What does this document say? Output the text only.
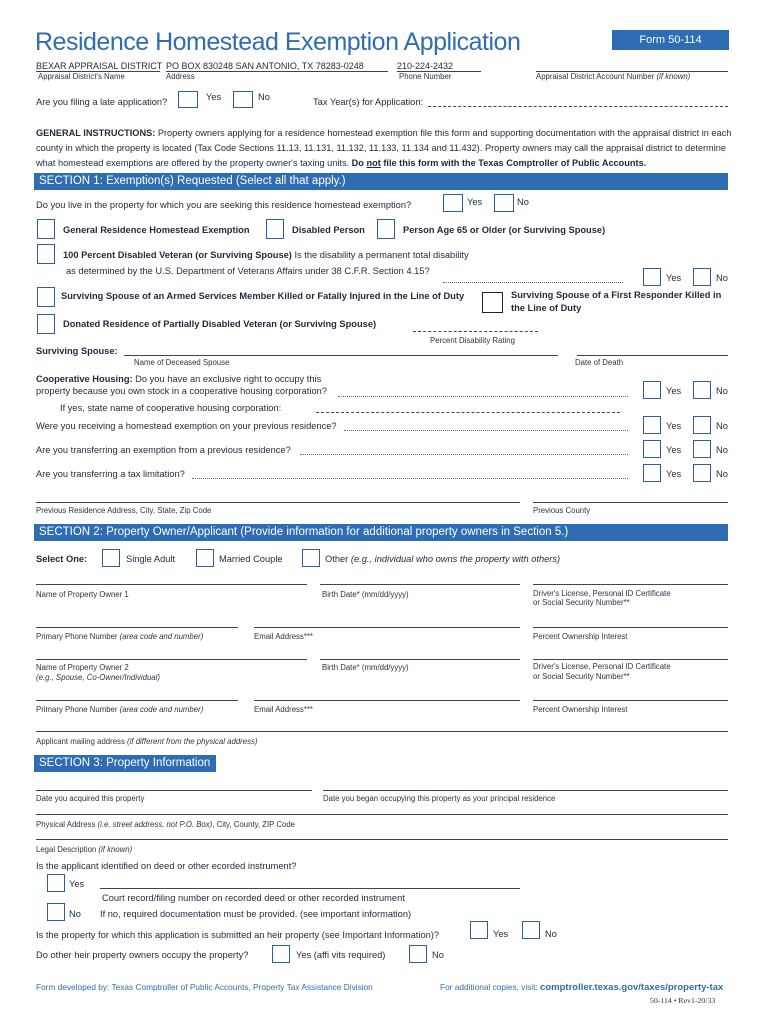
Residence Homestead Exemption Application	Form 50-114
BEXAR APPRAISAL DISTRICT
Appraisal District's Name
PO BOX 830248 SAN ANTONIO, TX 78283-0248
Address
210-224-2432
Phone Number	Appraisal District Account Number (if known)
Are you filing a late application?	Yes	No	Tax Year(s) for Application:
GENERAL INSTRUCTIONS: Property owners applying for a residence homestead exemption file this form and supporting documentation with the appraisal district in each county in which the property is located (Tax Code Sections 11.13, 11.131, 11.132, 11.133, 11.134 and 11.432). Property owners may call the appraisal district to determine what homestead exemptions are offered by the property owner's taxing units. Do not file this form with the Texas Comptroller of Public Accounts.
SECTION 1: Exemption(s) Requested (Select all that apply.)
Do you live in the property for which you are seeking this residence homestead exemption?	Yes	No
General Residence Homestead Exemption	Disabled Person	Person Age 65 or Older (or Surviving Spouse)
100 Percent Disabled Veteran (or Surviving Spouse) Is the disability a permanent total disability
as determined by the U.S. Department of Veterans Affairs under 38 C.F.R. Section 4.15?
Yes	No
Surviving Spouse of an Armed Services Member Killed or Fatally Injured in the Line of Duty	Surviving Spouse of a First Responder Killed in the Line of Duty
Donated Residence of Partially Disabled Veteran (or Surviving Spouse)
Percent Disability Rating
Surviving Spouse:
Name of Deceased Spouse	Date of Death
Cooperative Housing: Do you have an exclusive right to occupy this
property because you own stock in a cooperative housing corporation?	Yes	No
If yes, state name of cooperative housing corporation:
Were you receiving a homestead exemption on your previous residence?	Yes	No
Are you transferring an exemption from a previous residence?	Yes	No
Are you transferring a tax limitation?	Yes	No
Previous Residence Address, City, State, Zip Code	Previous County
SECTION 2: Property Owner/Applicant (Provide information for additional property owners in Section 5.)
Select One:	Single Adult	Married Couple	Other (e.g., individual who owns the property with others)
Name of Property Owner 1	Birth Date* (mm/dd/yyyy)	Driver's License, Personal ID Certificate
or Social Security Number**
Primary Phone Number (area code and number)	Email Address***	Percent Ownership Interest
Name of Property Owner 2
(e.g., Spouse, Co-Owner/Individual)
Birth Date* (mm/dd/yyyy)	Driver's License, Personal ID Certificate
or Social Security Number**
Primary Phone Number (area code and number)	Email Address***	Percent Ownership Interest
Applicant mailing address (if different from the physical address)
SECTION 3: Property Information
Date you acquired this property	Date you began occupying this property as your principal residence
Physical Address (i.e. street address, not P.O. Box), City, County, ZIP Code
Legal Description (if known)
Is the applicant identified on deed or other ecorded instrument?
Yes
Court record/filing number on recorded deed or other recorded instrument
No If no, required documentation must be provided. (see important information)
Is the property for which this application is submitted an heir property (see Important Information)?	Yes	No
Do other heir property owners occupy the property?	Yes (affi vits required)	No
Form developed by: Texas Comptroller of Public Accounts, Property Tax Assistance Division	For additional copies, visit: comptroller.texas.gov/taxes/property-tax
50-114 • Rev1-20/33
